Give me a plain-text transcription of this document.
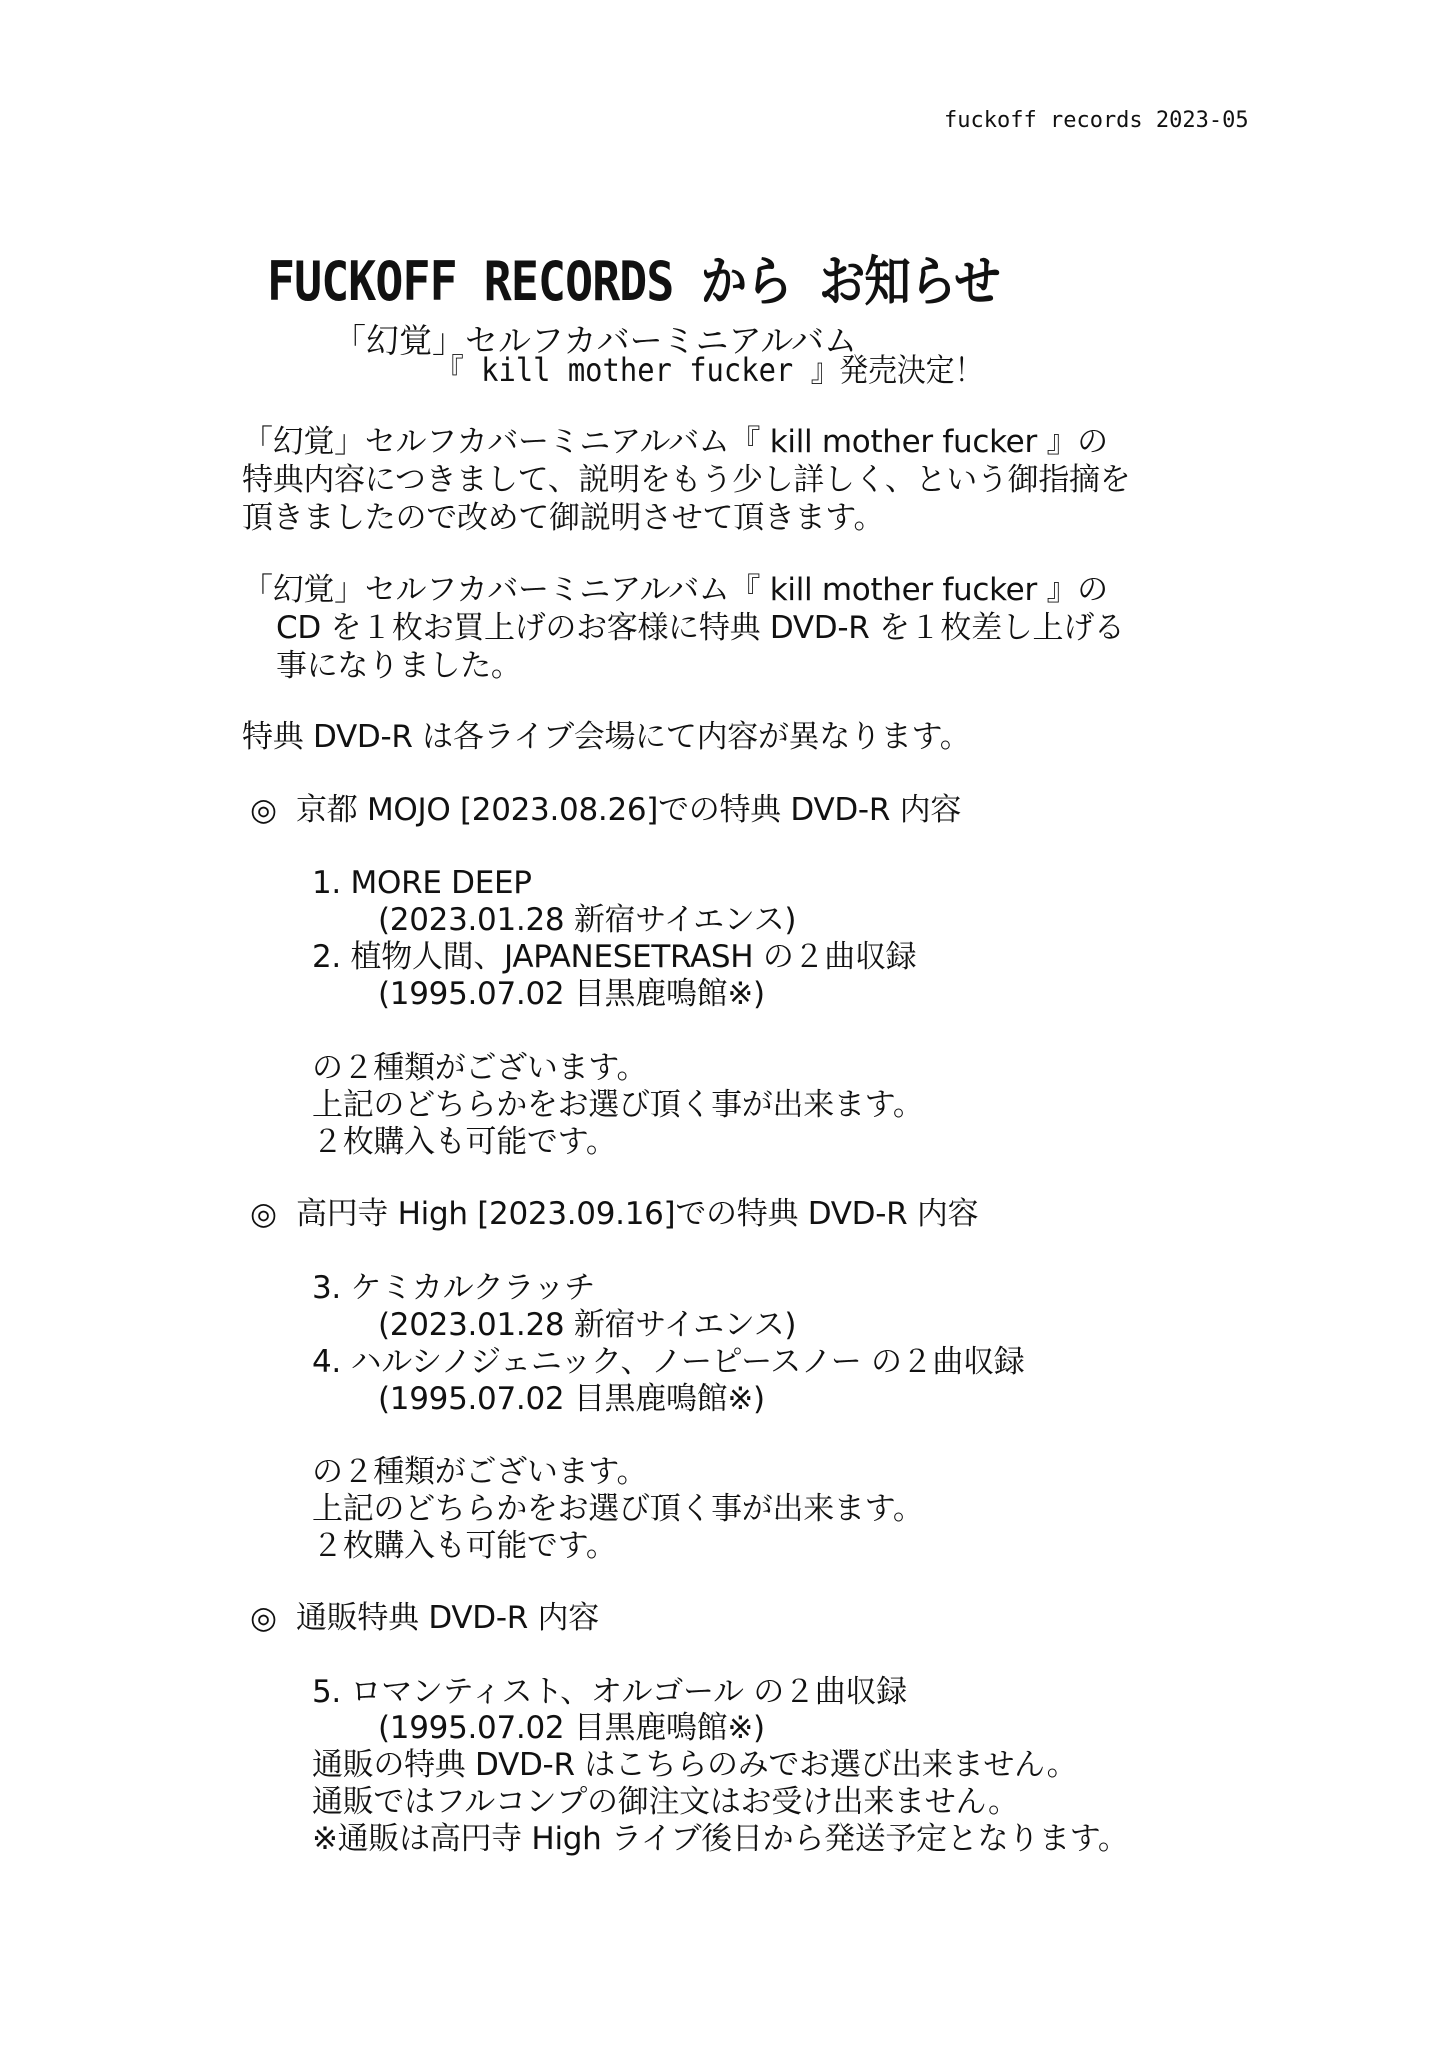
fuckoff records 2023-05
FUCKOFF RECORDS から お知らせ
「幻覚」セルフカバーミニアルバム
『 kill mother fucker 』発売決定！
「幻覚」セルフカバーミニアルバム『 kill mother fucker 』の
特典内容につきまして、説明をもう少し詳しく、という御指摘を
頂きましたので改めて御説明させて頂きます。
「幻覚」セルフカバーミニアルバム『 kill mother fucker 』の
CD を１枚お買上げのお客様に特典 DVD-R を１枚差し上げる
事になりました。
特典 DVD-R は各ライブ会場にて内容が異なります。
◎ 京都 MOJO [2023.08.26]での特典 DVD-R 内容
1. MORE DEEP
(2023.01.28 新宿サイエンス)
2. 植物人間、JAPANESETRASH の２曲収録
(1995.07.02 目黒鹿鳴館※)
の２種類がございます。
上記のどちらかをお選び頂く事が出来ます。
２枚購入も可能です。
◎ 高円寺 High [2023.09.16]での特典 DVD-R 内容
3. ケミカルクラッチ
(2023.01.28 新宿サイエンス)
4. ハルシノジェニック、ノーピースノー の２曲収録
(1995.07.02 目黒鹿鳴館※)
の２種類がございます。
上記のどちらかをお選び頂く事が出来ます。
２枚購入も可能です。
◎ 通販特典 DVD-R 内容
5. ロマンティスト、オルゴール の２曲収録
(1995.07.02 目黒鹿鳴館※)
通販の特典 DVD-R はこちらのみでお選び出来ません。
通販ではフルコンプの御注文はお受け出来ません。
※通販は高円寺 High ライブ後日から発送予定となります。
